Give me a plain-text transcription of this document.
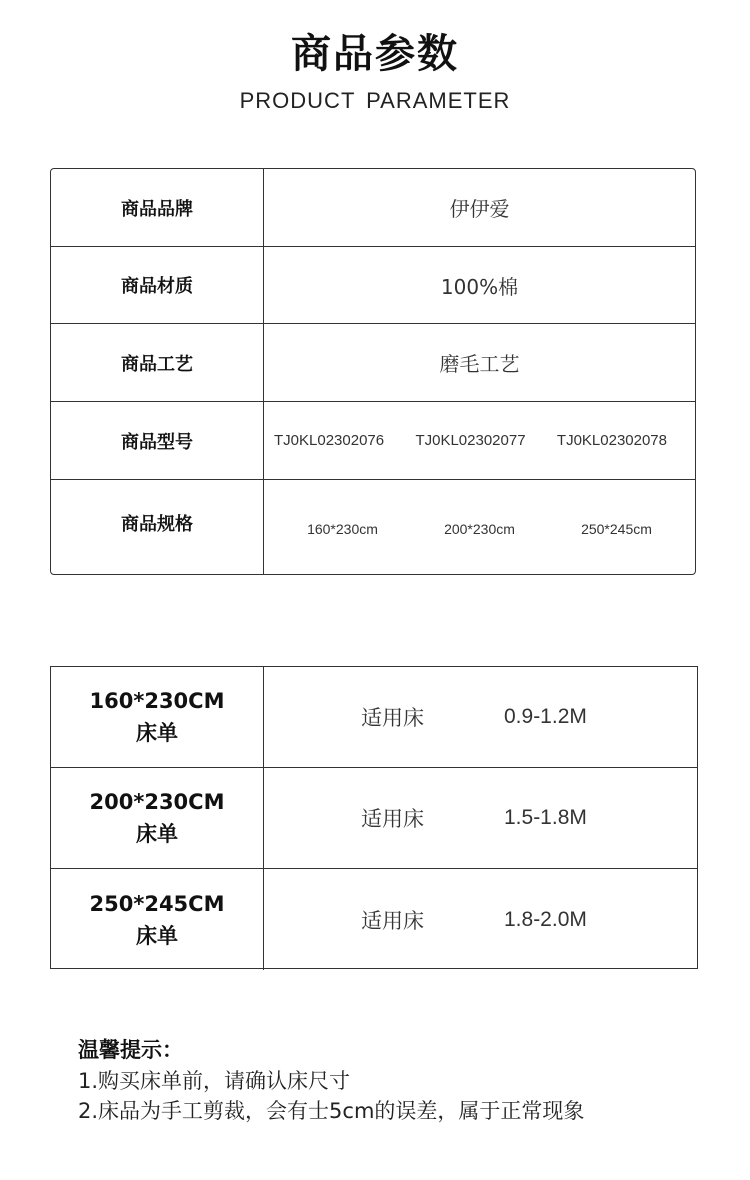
商品参数
PRODUCT PARAMETER
商品品牌	伊伊爱
商品材质	100%棉
商品工艺	磨毛工艺
商品型号	TJ0KL02302076 TJ0KL02302077 TJ0KL02302078
商品规格	160*230cm	200*230cm	250*245cm
160*230CM
床单
适用床	0.9-1.2M
200*230CM
床单
适用床	1.5-1.8M
250*245CM
床单
适用床	1.8-2.0M
温馨提示：
1.购买床单前，请确认床尺寸
2.床品为手工剪裁，会有士5cm的误差，属于正常现象
